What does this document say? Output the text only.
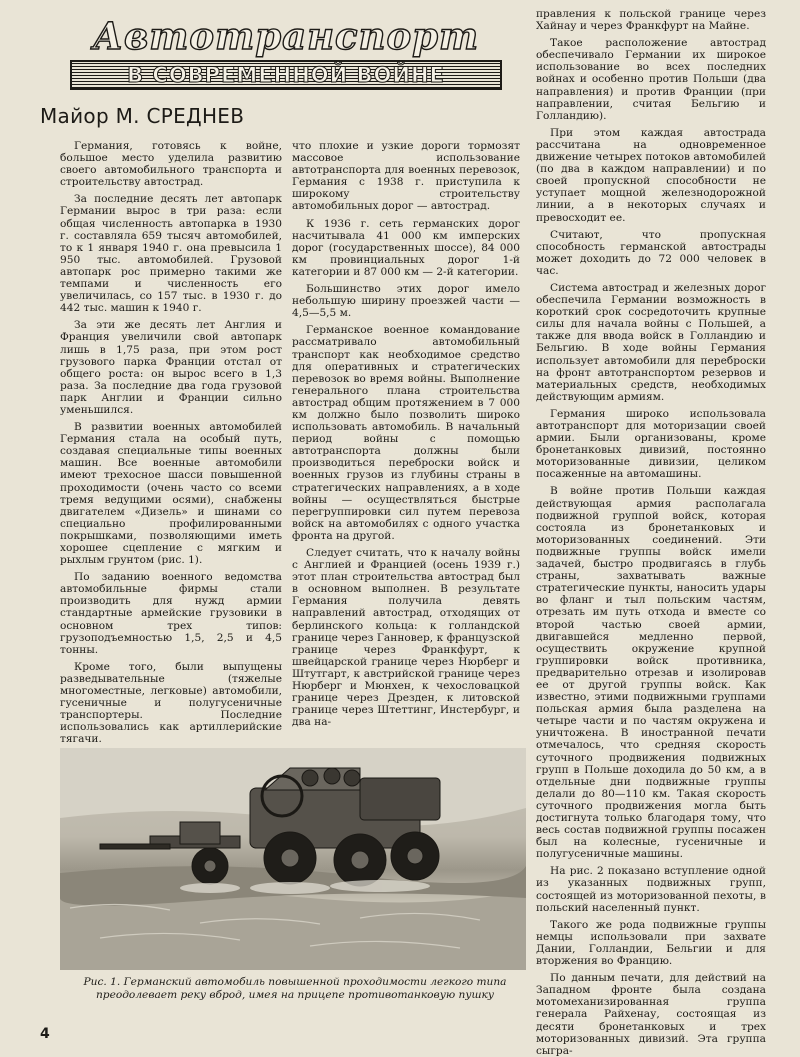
Автотранспорт
В СОВРЕМЕННОЙ ВОЙНЕ
Майор М. СРЕДНЕВ

Германия, готовясь к войне, большое место уделила развитию своего автомобильного транспорта и строительству автострад.

За последние десять лет автопарк Германии вырос в три раза: если общая численность автопарка в 1930 г. составляла 659 тысяч автомобилей, то к 1 января 1940 г. она превысила 1 950 тыс. автомобилей. Грузовой автопарк рос примерно такими же темпами и численность его увеличилась, со 157 тыс. в 1930 г. до 442 тыс. машин к 1940 г.

За эти же десять лет Англия и Франция увеличили свой автопарк лишь в 1,75 раза, при этом рост грузового парка Франции отстал от общего роста: он вырос всего в 1,3 раза. За последние два года грузовой парк Англии и Франции сильно уменьшился.

В развитии военных автомобилей Германия стала на особый путь, создавая специальные типы военных машин. Все военные автомобили имеют трехосное шасси повышенной проходимости (очень часто со всеми тремя ведущими осями), снабжены двигателем «Дизель» и шинами со специально профилированными покрышками, позволяющими иметь хорошее сцепление с мягким и рыхлым грунтом (рис. 1).

По заданию военного ведомства автомобильные фирмы стали производить для нужд армии стандартные армейские грузовики в основном трех типов: грузоподъемностью 1,5, 2,5 и 4,5 тонны.

Кроме того, были выпущены разведывательные (тяжелые многоместные, легковые) автомобили, гусеничные и полугусеничные транспортеры. Последние использовались как артиллерийские тягачи.

что плохие и узкие дороги тормозят массовое использование автотранспорта для военных перевозок, Германия с 1938 г. приступила к широкому строительству автомобильных дорог — автострад.

К 1936 г. сеть германских дорог насчитывала 41 000 км имперских дорог (государственных шоссе), 84 000 км провинциальных дорог 1-й категории и 87 000 км — 2-й категории.

Большинство этих дорог имело небольшую ширину проезжей части — 4,5—5,5 м.

Германское военное командование рассматривало автомобильный транспорт как необходимое средство для оперативных и стратегических перевозок во время войны. Выполнение генерального плана строительства автострад общим протяжением в 7 000 км должно было позволить широко использовать автомобиль. В начальный период войны с помощью автотранспорта должны были производиться переброски войск и военных грузов из глубины страны в стратегических направлениях, а в ходе войны — осуществляться быстрые перегруппировки сил путем перевоза войск на автомобилях с одного участка фронта на другой.

Следует считать, что к началу войны с Англией и Францией (осень 1939 г.) этот план строительства автострад был в основном выполнен. В результате Германия получила девять направлений автострад, отходящих от берлинского кольца: к голландской границе через Ганновер, к французской границе через Франкфурт, к швейцарской границе через Нюрберг и Штутгарт, к австрийской границе через Нюрберг и Мюнхен, к чехословацкой границе через Дрезден, к литовской границе через Штеттинг, Инстербург, и два на-

правления к польской границе через Хайнау и через Франкфурт на Майне.

Такое расположение автострад обеспечивало Германии их широкое использование во всех последних войнах и особенно против Польши (два направления) и против Франции (при направлении, считая Бельгию и Голландию).

При этом каждая автострада рассчитана на одновременное движение четырех потоков автомобилей (по два в каждом направлении) и по своей пропускной способности не уступает мощной железнодорожной линии, а в некоторых случаях и превосходит ее.

Считают, что пропускная способность германской автострады может доходить до 72 000 человек в час.

Система автострад и железных дорог обеспечила Германии возможность в короткий срок сосредоточить крупные силы для начала войны с Польшей, а также для ввода войск в Голландию и Бельгию. В ходе войны Германия использует автомобили для переброски на фронт автотранспортом резервов и материальных средств, необходимых действующим армиям.

Германия широко использовала автотранспорт для моторизации своей армии. Были организованы, кроме бронетанковых дивизий, постоянно моторизованные дивизии, целиком посаженные на автомашины.

В войне против Польши каждая действующая армия располагала подвижной группой войск, которая состояла из бронетанковых и моторизованных соединений. Эти подвижные группы войск имели задачей, быстро продвигаясь в глубь страны, захватывать важные стратегические пункты, наносить удары во фланг и тыл польским частям, отрезать им путь отхода и вместе со второй частью своей армии, двигавшейся медленно первой, осуществить окружение крупной группировки войск противника, предварительно отрезав и изолировав ее от другой группы войск. Как известно, этими подвижными группами польская армия была разделена на четыре части и по частям окружена и уничтожена. В иностранной печати отмечалось, что средняя скорость суточного продвижения подвижных групп в Польше доходила до 50 км, а в отдельные дни подвижные группы делали до 80—110 км. Такая скорость суточного продвижения могла быть достигнута только благодаря тому, что весь состав подвижной группы посажен был на колесные, гусеничные и полугусеничные машины.

На рис. 2 показано вступление одной из указанных подвижных групп, состоящей из моторизованной пехоты, в польский населенный пункт.

Такого же рода подвижные группы немцы использовали при захвате Дании, Голландии, Бельгии и для вторжения во Францию.

По данным печати, для действий на Западном фронте была создана мотомеханизированная группа генерала Райхенау, состоящая из десяти бронетанковых и трех моторизованных дивизий. Эта группа сыгра-

Рис. 1. Германский автомобиль повышенной проходимости легкого типа преодолевает реку вброд, имея на прицепе противотанковую пушку
4
